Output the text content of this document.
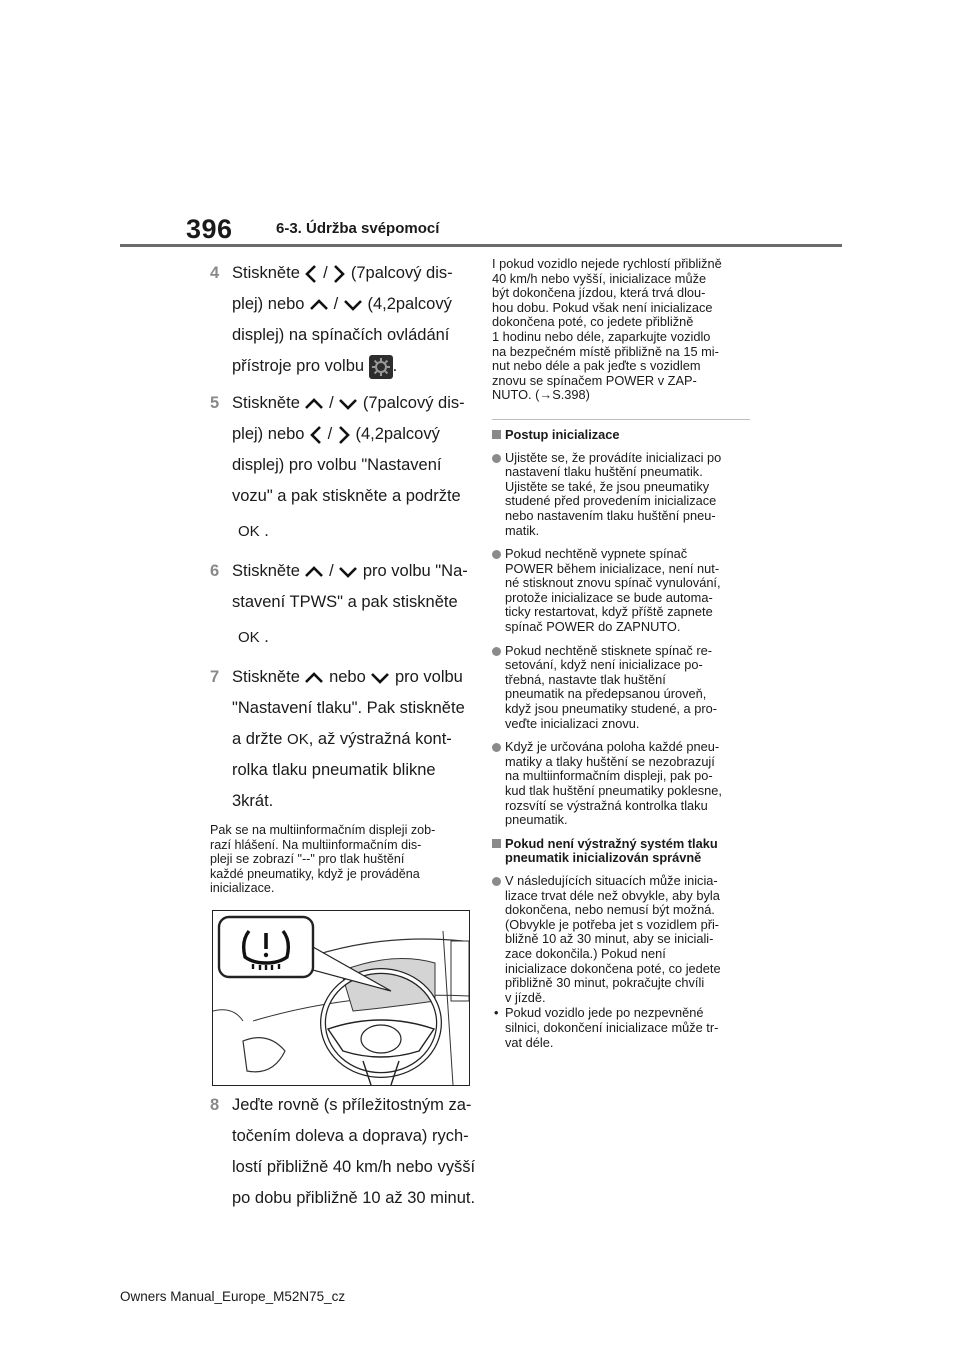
396	6-3. Údržba svépomocí
4 Stiskněte / (7palcový dis-
plej) nebo / (4,2palcový
displej) na spínačích ovládání
přístroje pro volbu .
5 Stiskněte / (7palcový dis-
plej) nebo / (4,2palcový
displej) pro volbu "Nastavení
vozu" a pak stiskněte a podržte
OK .
6 Stiskněte / pro volbu "Na-
stavení TPWS" a pak stiskněte
OK .
7 Stiskněte nebo pro volbu
"Nastavení tlaku". Pak stiskněte
a držte OK, až výstražná kont-
rolka tlaku pneumatik blikne
3krát.
Pak se na multiinformačním displeji zob-
razí hlášení. Na multiinformačním dis-
pleji se zobrazí "--" pro tlak huštění
každé pneumatiky, když je prováděna
inicializace.
8 Jeďte rovně (s příležitostným za-
točením doleva a doprava) rych-
lostí přibližně 40 km/h nebo vyšší
po dobu přibližně 10 až 30 minut.
I pokud vozidlo nejede rychlostí přibližně
40 km/h nebo vyšší, inicializace může
být dokončena jízdou, která trvá dlou-
hou dobu. Pokud však není inicializace
dokončena poté, co jedete přibližně
1 hodinu nebo déle, zaparkujte vozidlo
na bezpečném místě přibližně na 15 mi-
nut nebo déle a pak jeďte s vozidlem
znovu se spínačem POWER v ZAP-
NUTO. (→S.398)
Postup inicializace
Ujistěte se, že provádíte inicializaci po
nastavení tlaku huštění pneumatik.
Ujistěte se také, že jsou pneumatiky
studené před provedením inicializace
nebo nastavením tlaku huštění pneu-
matik.
Pokud nechtěně vypnete spínač
POWER během inicializace, není nut-
né stisknout znovu spínač vynulování,
protože inicializace se bude automa-
ticky restartovat, když příště zapnete
spínač POWER do ZAPNUTO.
Pokud nechtěně stisknete spínač re-
setování, když není inicializace po-
třebná, nastavte tlak huštění
pneumatik na předepsanou úroveň,
když jsou pneumatiky studené, a pro-
veďte inicializaci znovu.
Když je určována poloha každé pneu-
matiky a tlaky huštění se nezobrazují
na multiinformačním displeji, pak po-
kud tlak huštění pneumatiky poklesne,
rozsvítí se výstražná kontrolka tlaku
pneumatik.
Pokud není výstražný systém tlaku
pneumatik inicializován správně
V následujících situacích může inicia-
lizace trvat déle než obvykle, aby byla
dokončena, nebo nemusí být možná.
(Obvykle je potřeba jet s vozidlem při-
bližně 10 až 30 minut, aby se iniciali-
zace dokončila.) Pokud není
inicializace dokončena poté, co jedete
přibližně 30 minut, pokračujte chvíli
v jízdě.
• Pokud vozidlo jede po nezpevněné
silnici, dokončení inicializace může tr-
vat déle.
Owners Manual_Europe_M52N75_cz
